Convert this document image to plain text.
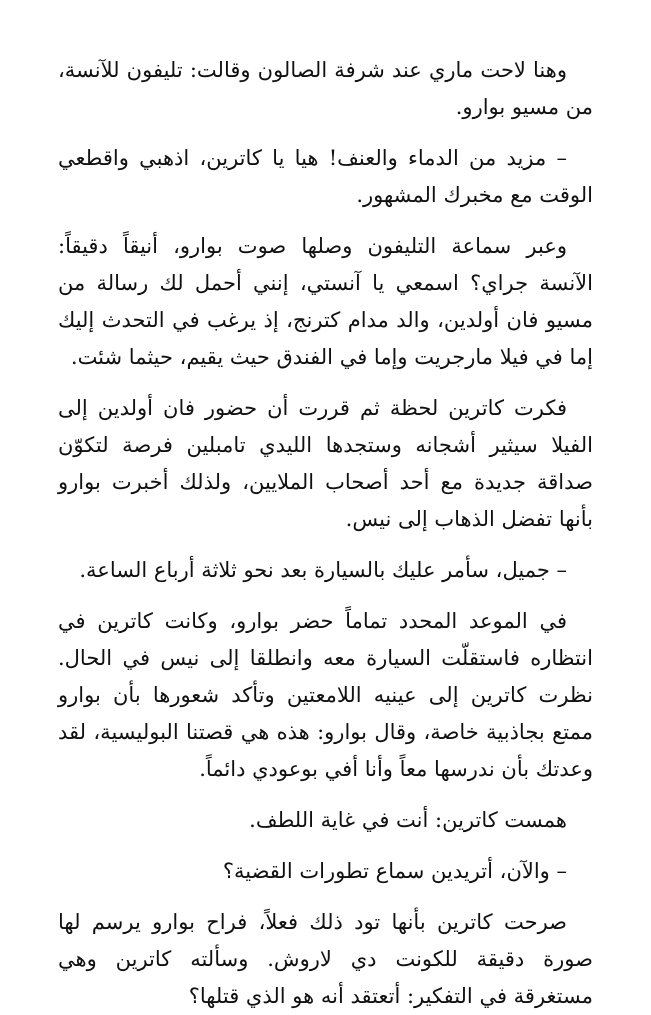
وهنا لاحت ماري عند شرفة الصالون وقالت: تليفون للآنسة، من مسيو بوارو.

– مزيد من الدماء والعنف! هيا يا كاترين، اذهبي واقطعي الوقت مع مخبرك المشهور.

وعبر سماعة التليفون وصلها صوت بوارو، أنيقاً دقيقاً: الآنسة جراي؟ اسمعي يا آنستي، إنني أحمل لك رسالة من مسيو فان أولدين، والد مدام كترنج، إذ يرغب في التحدث إليك إما في فيلا مارجريت وإما في الفندق حيث يقيم، حيثما شئت.

فكرت كاترين لحظة ثم قررت أن حضور فان أولدين إلى الفيلا سيثير أشجانه وستجدها الليدي تامبلين فرصة لتكوّن صداقة جديدة مع أحد أصحاب الملايين، ولذلك أخبرت بوارو بأنها تفضل الذهاب إلى نيس.

– جميل، سأمر عليك بالسيارة بعد نحو ثلاثة أرباع الساعة.

في الموعد المحدد تماماً حضر بوارو، وكانت كاترين في انتظاره فاستقلّت السيارة معه وانطلقا إلى نيس في الحال. نظرت كاترين إلى عينيه اللامعتين وتأكد شعورها بأن بوارو ممتع بجاذبية خاصة، وقال بوارو: هذه هي قصتنا البوليسية، لقد وعدتك بأن ندرسها معاً وأنا أفي بوعودي دائماً.

همست كاترين: أنت في غاية اللطف.

– والآن، أتريدين سماع تطورات القضية؟

صرحت كاترين بأنها تود ذلك فعلاً، فراح بوارو يرسم لها صورة دقيقة للكونت دي لاروش. وسألته كاترين وهي مستغرقة في التفكير: أتعتقد أنه هو الذي قتلها؟
